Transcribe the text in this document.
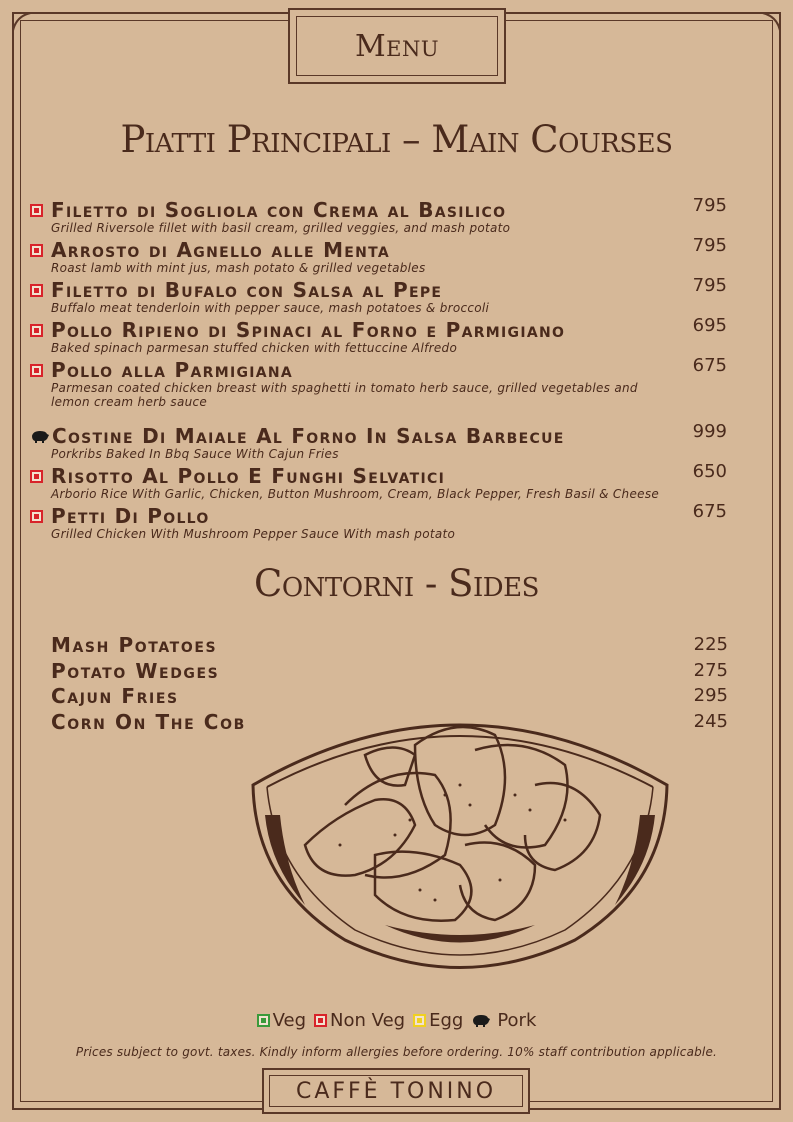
Menu
Piatti Principali – Main Courses
Filetto di Sogliola con Crema al Basilico	795
Grilled Riversole fillet with basil cream, grilled veggies, and mash potato
Arrosto di Agnello alle Menta	795
Roast lamb with mint jus, mash potato & grilled vegetables
Filetto di Bufalo con Salsa al Pepe	795
Buffalo meat tenderloin with pepper sauce, mash potatoes & broccoli
Pollo Ripieno di Spinaci al Forno e Parmigiano	695
Baked spinach parmesan stuffed chicken with fettuccine Alfredo
Pollo alla Parmigiana	675
Parmesan coated chicken breast with spaghetti in tomato herb sauce, grilled vegetables and lemon cream herb sauce
Costine Di Maiale Al Forno In Salsa Barbecue	999
Porkribs Baked In Bbq Sauce With Cajun Fries
Risotto Al Pollo E Funghi Selvatici	650
Arborio Rice With Garlic, Chicken, Button Mushroom, Cream, Black Pepper, Fresh Basil & Cheese
Petti Di Pollo	675
Grilled Chicken With Mushroom Pepper Sauce With mash potato
Contorni - Sides
Mash Potatoes	225
Potato Wedges	275
Cajun Fries	295
Corn On The Cob	245
Veg Non Veg Egg Pork
Prices subject to govt. taxes. Kindly inform allergies before ordering. 10% staff contribution applicable.
CAFFÈ TONINO
